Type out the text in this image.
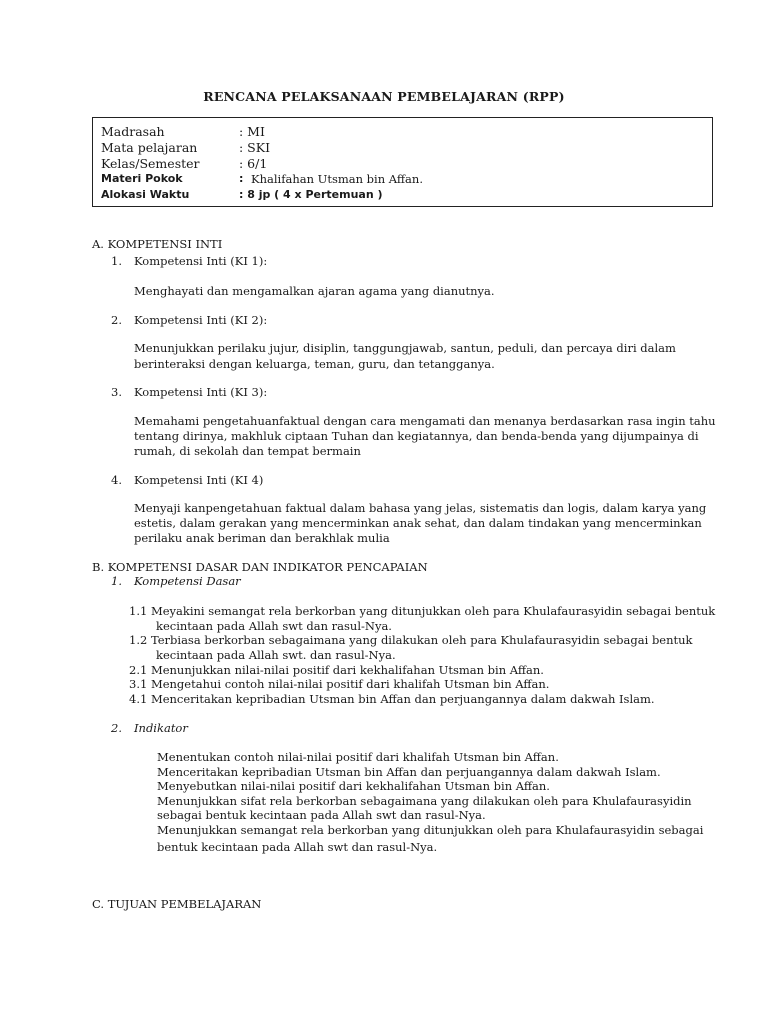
RENCANA PELAKSANAAN PEMBELAJARAN (RPP)
Madrasah	: MI
Mata pelajaran	: SKI
Kelas/Semester	: 6/1
Materi Pokok	: Khalifahan Utsman bin Affan.
Alokasi Waktu	: 8 jp ( 4 x Pertemuan )
A. KOMPETENSI INTI
1. Kompetensi Inti (KI 1):
Menghayati dan mengamalkan ajaran agama yang dianutnya.
2. Kompetensi Inti (KI 2):
Menunjukkan perilaku jujur, disiplin, tanggungjawab, santun, peduli, dan percaya diri dalam
berinteraksi dengan keluarga, teman, guru, dan tetangganya.
3. Kompetensi Inti (KI 3):
Memahami pengetahuanfaktual dengan cara mengamati dan menanya berdasarkan rasa ingin tahu
tentang dirinya, makhluk ciptaan Tuhan dan kegiatannya, dan benda-benda yang dijumpainya di
rumah, di sekolah dan tempat bermain
4. Kompetensi Inti (KI 4)
Menyaji kanpengetahuan faktual dalam bahasa yang jelas, sistematis dan logis, dalam karya yang
estetis, dalam gerakan yang mencerminkan anak sehat, dan dalam tindakan yang mencerminkan
perilaku anak beriman dan berakhlak mulia
B. KOMPETENSI DASAR DAN INDIKATOR PENCAPAIAN
1. Kompetensi Dasar
1.1 Meyakini semangat rela berkorban yang ditunjukkan oleh para Khulafaurasyidin sebagai bentuk
kecintaan pada Allah swt dan rasul-Nya.
1.2 Terbiasa berkorban sebagaimana yang dilakukan oleh para Khulafaurasyidin sebagai bentuk
kecintaan pada Allah swt. dan rasul-Nya.
2.1 Menunjukkan nilai-nilai positif dari kekhalifahan Utsman bin Affan.
3.1 Mengetahui contoh nilai-nilai positif dari khalifah Utsman bin Affan.
4.1 Menceritakan kepribadian Utsman bin Affan dan perjuangannya dalam dakwah Islam.
2. Indikator
Menentukan contoh nilai-nilai positif dari khalifah Utsman bin Affan.
Menceritakan kepribadian Utsman bin Affan dan perjuangannya dalam dakwah Islam.
Menyebutkan nilai-nilai positif dari kekhalifahan Utsman bin Affan.
Menunjukkan sifat rela berkorban sebagaimana yang dilakukan oleh para Khulafaurasyidin
sebagai bentuk kecintaan pada Allah swt dan rasul-Nya.
Menunjukkan semangat rela berkorban yang ditunjukkan oleh para Khulafaurasyidin sebagai
bentuk kecintaan pada Allah swt dan rasul-Nya.
C. TUJUAN PEMBELAJARAN
